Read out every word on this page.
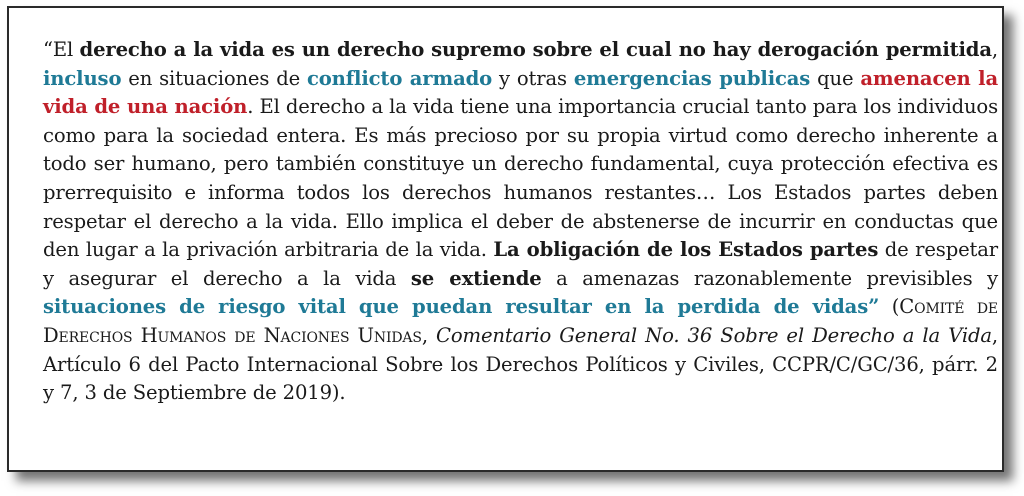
“El derecho a la vida es un derecho supremo sobre el cual no hay derogación permitida, incluso en situaciones de conflicto armado y otras emergencias publicas que amenacen la vida de una nación. El derecho a la vida tiene una importancia crucial tanto para los individuos como para la sociedad entera. Es más precioso por su propia virtud como derecho inherente a todo ser humano, pero también constituye un derecho fundamental, cuya protección efectiva es prerrequisito e informa todos los derechos humanos restantes… Los Estados partes deben respetar el derecho a la vida. Ello implica el deber de abstenerse de incurrir en conductas que den lugar a la privación arbitraria de la vida. La obligación de los Estados partes de respetar y asegurar el derecho a la vida se extiende a amenazas razonablemente previsibles y situaciones de riesgo vital que puedan resultar en la perdida de vidas” (Comité de Derechos Humanos de Naciones Unidas, Comentario General No. 36 Sobre el Derecho a la Vida, Artículo 6 del Pacto Internacional Sobre los Derechos Políticos y Civiles, CCPR/C/GC/36, párr. 2 y 7, 3 de Septiembre de 2019).
